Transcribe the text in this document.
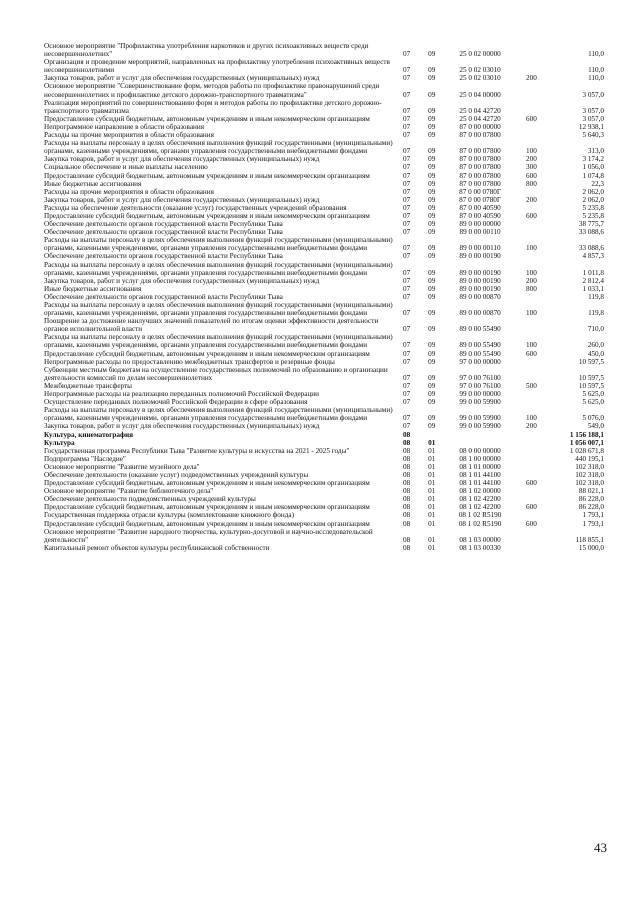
Основное мероприятие "Профилактика употребления наркотиков и других психоактивных веществ среди несовершеннолетних"	07	09	25 0 02 00000		110,0
Организация и проведение мероприятий, направленных на профилактику употребления психоактивных веществ несовершеннолетними	07	09	25 0 02 03010		110,0
Закупка товаров, работ и услуг для обеспечения государственных (муниципальных) нужд	07	09	25 0 02 03010	200	110,0
Основное мероприятие "Совершенствование форм, методов работы по профилактике правонарушений среди несовершеннолетних и профилактике детского дорожно-транспортного травматизма"	07	09	25 0 04 00000		3 057,0
Реализация мероприятий по совершенствованию форм и методов работы по профилактике детского дорожно-транспортного травматизма	07	09	25 0 04 42720		3 057,0
Предоставление субсидий бюджетным, автономным учреждениям и иным некоммерческим организациям	07	09	25 0 04 42720	600	3 057,0
Непрограммное направление в области образования	07	09	87 0 00 00000		12 938,1
Расходы на прочие мероприятия в области образования	07	09	87 0 00 07800		5 640,3
Расходы на выплаты персоналу в целях обеспечения выполнения функций государственными (муниципальными) органами, казенными учреждениями, органами управления государственными внебюджетными фондами	07	09	87 0 00 07800	100	313,0
Закупка товаров, работ и услуг для обеспечения государственных (муниципальных) нужд	07	09	87 0 00 07800	200	3 174,2
Социальное обеспечение и иные выплаты населению	07	09	87 0 00 07800	300	1 056,0
Предоставление субсидий бюджетным, автономным учреждениям и иным некоммерческим организациям	07	09	87 0 00 07800	600	1 074,8
Иные бюджетные ассигнования	07	09	87 0 00 07800	800	22,3
Расходы на прочие мероприятия в области образования	07	09	87 0 00 0780Г		2 062,0
Закупка товаров, работ и услуг для обеспечения государственных (муниципальных) нужд	07	09	87 0 00 0780Г	200	2 062,0
Расходы на обеспечение деятельности (оказание услуг) государственных учреждений образования	07	09	87 0 00 40590		5 235,8
Предоставление субсидий бюджетным, автономным учреждениям и иным некоммерческим организациям	07	09	87 0 00 40590	600	5 235,8
Обеспечение деятельности органов государственной власти Республики Тыва	07	09	89 0 00 00000		38 775,7
Обеспечение деятельности органов государственной власти Республики Тыва	07	09	89 0 00 00110		33 088,6
Расходы на выплаты персоналу в целях обеспечения выполнения функций государственными (муниципальными) органами, казенными учреждениями, органами управления государственными внебюджетными фондами	07	09	89 0 00 00110	100	33 088,6
Обеспечение деятельности органов государственной власти Республики Тыва	07	09	89 0 00 00190		4 857,3
Расходы на выплаты персоналу в целях обеспечения выполнения функций государственными (муниципальными) органами, казенными учреждениями, органами управления государственными внебюджетными фондами	07	09	89 0 00 00190	100	1 011,8
Закупка товаров, работ и услуг для обеспечения государственных (муниципальных) нужд	07	09	89 0 00 00190	200	2 812,4
Иные бюджетные ассигнования	07	09	89 0 00 00190	800	1 033,1
Обеспечение деятельности органов государственной власти Республики Тыва	07	09	89 0 00 00870		119,8
Расходы на выплаты персоналу в целях обеспечения выполнения функций государственными (муниципальными) органами, казенными учреждениями, органами управления государственными внебюджетными фондами	07	09	89 0 00 00870	100	119,8
Поощрение за достижение наилучших значений показателей по итогам оценки эффективности деятельности органов исполнительной власти	07	09	89 0 00 55490		710,0
Расходы на выплаты персоналу в целях обеспечения выполнения функций государственными (муниципальными) органами, казенными учреждениями, органами управления государственными внебюджетными фондами	07	09	89 0 00 55490	100	260,0
Предоставление субсидий бюджетным, автономным учреждениям и иным некоммерческим организациям	07	09	89 0 00 55490	600	450,0
Непрограммные расходы по предоставлению межбюджетных трансфертов и резервные фонды	07	09	97 0 00 00000		10 597,5
Субвенции местным бюджетам на осуществление государственных полномочий по образованию и организации деятельности комиссий по делам несовершеннолетних	07	09	97 0 00 76100		10 597,5
Межбюджетные трансферты	07	09	97 0 00 76100	500	10 597,5
Непрограммные расходы на реализацию переданных полномочий Российской Федерации	07	09	99 0 00 00000		5 625,0
Осуществление переданных полномочий Российской Федерации в сфере образования	07	09	99 0 00 59900		5 625,0
Расходы на выплаты персоналу в целях обеспечения выполнения функций государственными (муниципальными) органами, казенными учреждениями, органами управления государственными внебюджетными фондами	07	09	99 0 00 59900	100	5 076,0
Закупка товаров, работ и услуг для обеспечения государственных (муниципальных) нужд	07	09	99 0 00 59900	200	549,0
Культура, кинематография	08				1 156 188,1
Культура	08	01			1 056 007,1
Государственная программа Республики Тыва "Развитие культуры и искусства на 2021 - 2025 годы"	08	01	08 0 00 00000		1 028 671,8
Подпрограмма "Наследие"	08	01	08 1 00 00000		440 195,1
Основное мероприятие "Развитие музейного дела"	08	01	08 1 01 00000		102 318,0
Обеспечение деятельности (оказание услуг) подведомственных учреждений культуры	08	01	08 1 01 44100		102 318,0
Предоставление субсидий бюджетным, автономным учреждениям и иным некоммерческим организациям	08	01	08 1 01 44100	600	102 318,0
Основное мероприятие "Развитие библиотечного дела"	08	01	08 1 02 00000		88 021,1
Обеспечение деятельности подведомственных учреждений культуры	08	01	08 1 02 42200		86 228,0
Предоставление субсидий бюджетным, автономным учреждениям и иным некоммерческим организациям	08	01	08 1 02 42200	600	86 228,0
Государственная поддержка отрасли культуры (комплектование книжного фонда)	08	01	08 1 02 R5190		1 793,1
Предоставление субсидий бюджетным, автономным учреждениям и иным некоммерческим организациям	08	01	08 1 02 R5190	600	1 793,1
Основное мероприятие "Развитие народного творчества, культурно-досуговой и научно-исследовательской деятельности"	08	01	08 1 03 00000		118 855,1
Капитальный ремонт объектов культуры республиканской собственности	08	01	08 1 03 00330		15 000,0
43
